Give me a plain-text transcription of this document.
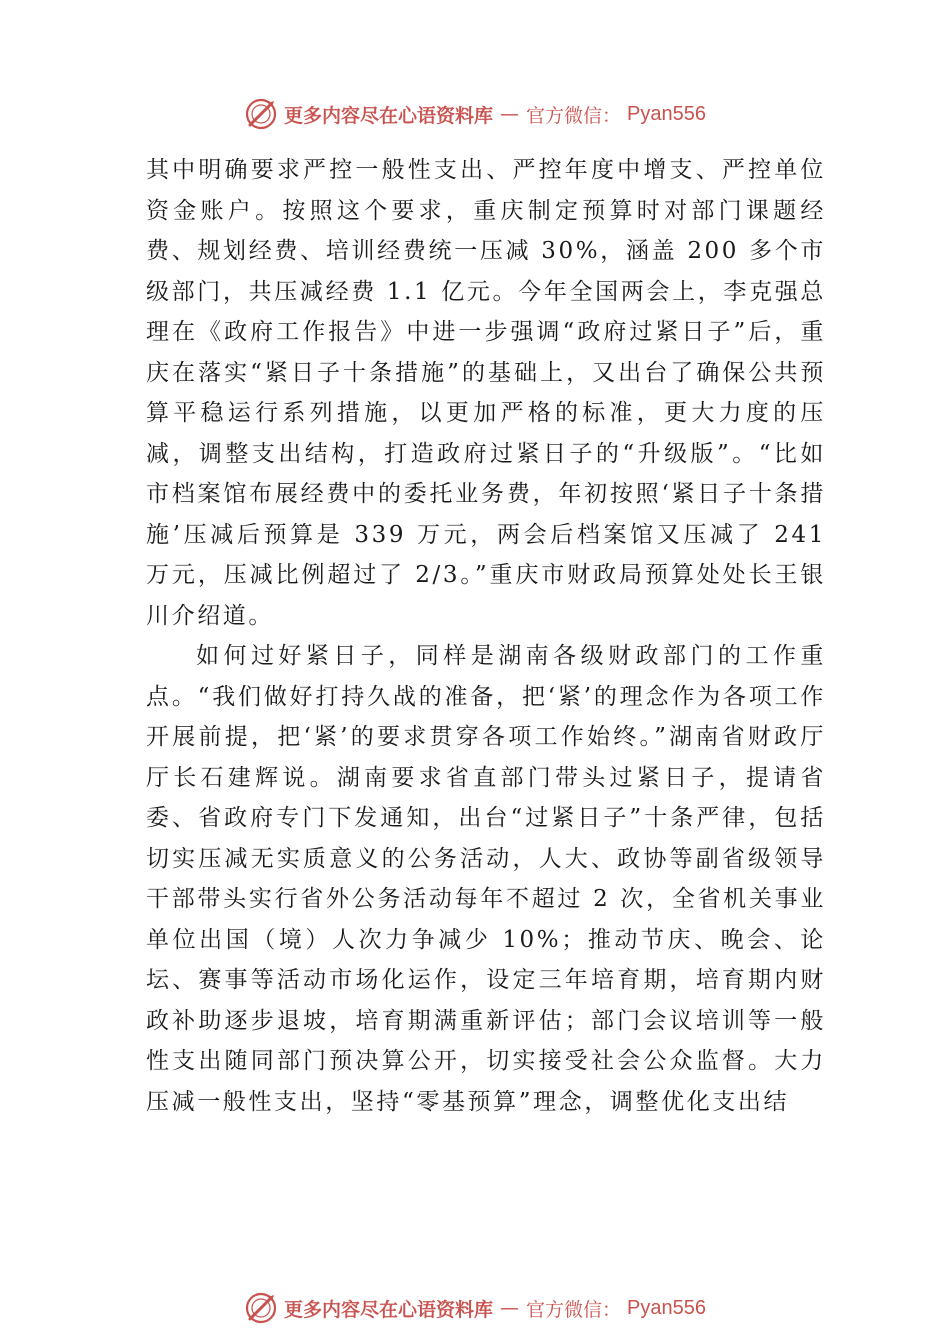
更多内容尽在心语资料库 — 官方微信： Pyan556

其中明确要求严控一般性支出、严控年度中增支、严控单位资金账户。按照这个要求，重庆制定预算时对部门课题经费、规划经费、培训经费统一压减 30%，涵盖 200 多个市级部门，共压减经费 1.1 亿元。今年全国两会上，李克强总理在《政府工作报告》中进一步强调“政府过紧日子”后，重庆在落实“紧日子十条措施”的基础上，又出台了确保公共预算平稳运行系列措施，以更加严格的标准，更大力度的压减，调整支出结构，打造政府过紧日子的“升级版”。“比如市档案馆布展经费中的委托业务费，年初按照‘紧日子十条措施’压减后预算是 339 万元，两会后档案馆又压减了 241 万元，压减比例超过了 2/3。”重庆市财政局预算处处长王银川介绍道。

如何过好紧日子，同样是湖南各级财政部门的工作重点。“我们做好打持久战的准备，把‘紧’的理念作为各项工作开展前提，把‘紧’的要求贯穿各项工作始终。”湖南省财政厅厅长石建辉说。湖南要求省直部门带头过紧日子，提请省委、省政府专门下发通知，出台“过紧日子”十条严律，包括切实压减无实质意义的公务活动，人大、政协等副省级领导干部带头实行省外公务活动每年不超过 2 次，全省机关事业单位出国（境）人次力争减少 10%；推动节庆、晚会、论坛、赛事等活动市场化运作，设定三年培育期，培育期内财政补助逐步退坡，培育期满重新评估；部门会议培训等一般性支出随同部门预决算公开，切实接受社会公众监督。大力压减一般性支出，坚持“零基预算”理念，调整优化支出结

更多内容尽在心语资料库 — 官方微信： Pyan556
